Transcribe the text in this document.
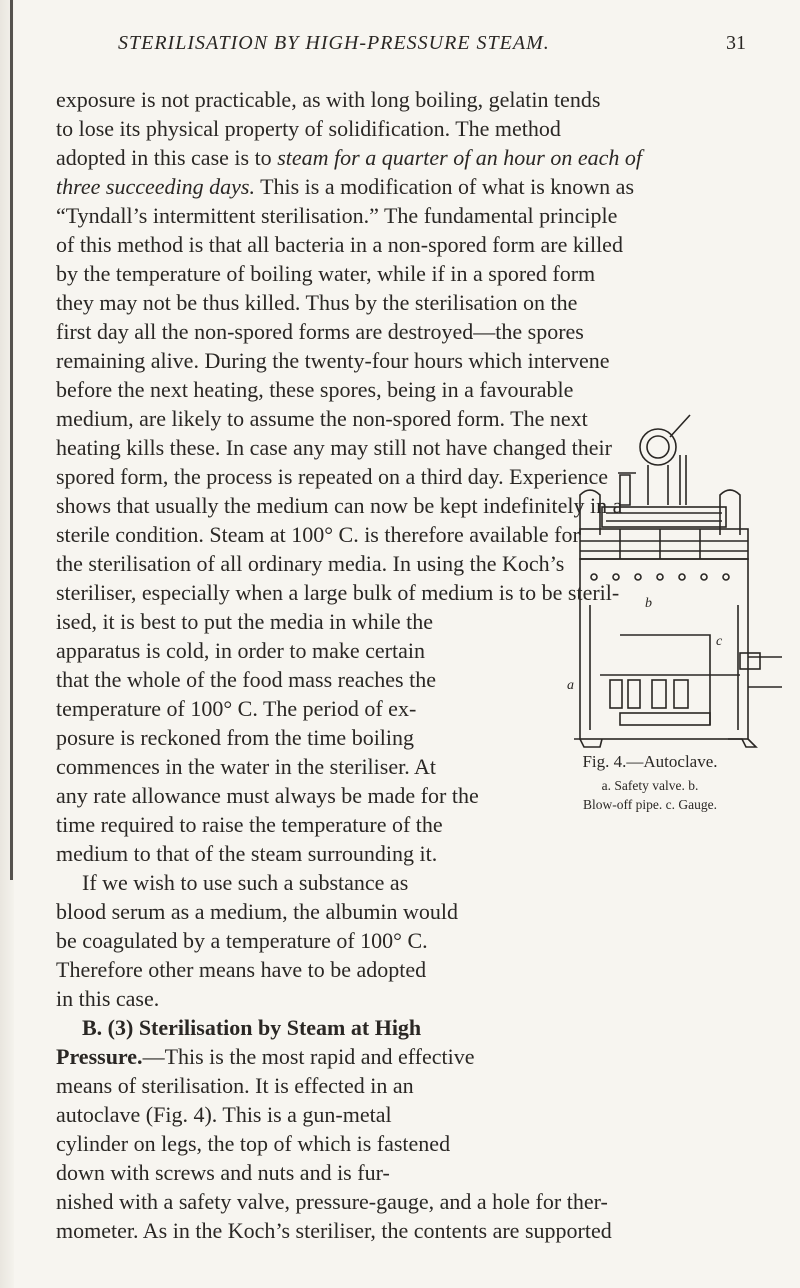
STERILISATION BY HIGH-PRESSURE STEAM.	31
exposure is not practicable, as with long boiling, gelatin tends
to lose its physical property of solidification. The method
adopted in this case is to steam for a quarter of an hour on each of
three succeeding days. This is a modification of what is known as
“Tyndall’s intermittent sterilisation.” The fundamental principle
of this method is that all bacteria in a non-spored form are killed
by the temperature of boiling water, while if in a spored form
they may not be thus killed. Thus by the sterilisation on the
first day all the non-spored forms are destroyed—the spores
remaining alive. During the twenty-four hours which intervene
before the next heating, these spores, being in a favourable
medium, are likely to assume the non-spored form. The next
heating kills these. In case any may still not have changed their
spored form, the process is repeated on a third day. Experience
shows that usually the medium can now be kept indefinitely in a
sterile condition. Steam at 100° C. is therefore available for
the sterilisation of all ordinary media. In using the Koch’s
steriliser, especially when a large bulk of medium is to be steril-
ised, it is best to put the media in while the
apparatus is cold, in order to make certain
that the whole of the food mass reaches the
temperature of 100° C. The period of ex-
posure is reckoned from the time boiling
commences in the water in the steriliser. At
any rate allowance must always be made for the
time required to raise the temperature of the
medium to that of the steam surrounding it.
If we wish to use such a substance as
blood serum as a medium, the albumin would
be coagulated by a temperature of 100° C.
Therefore other means have to be adopted
in this case.
B. (3) Sterilisation by Steam at High
Pressure.—This is the most rapid and effective
means of sterilisation. It is effected in an
autoclave (Fig. 4). This is a gun-metal
cylinder on legs, the top of which is fastened
down with screws and nuts and is fur-
nished with a safety valve, pressure-gauge, and a hole for ther-
mometer. As in the Koch’s steriliser, the contents are supported
b
c
a
Fig. 4.—Autoclave.
a. Safety valve. b.
Blow-off pipe. c. Gauge.
